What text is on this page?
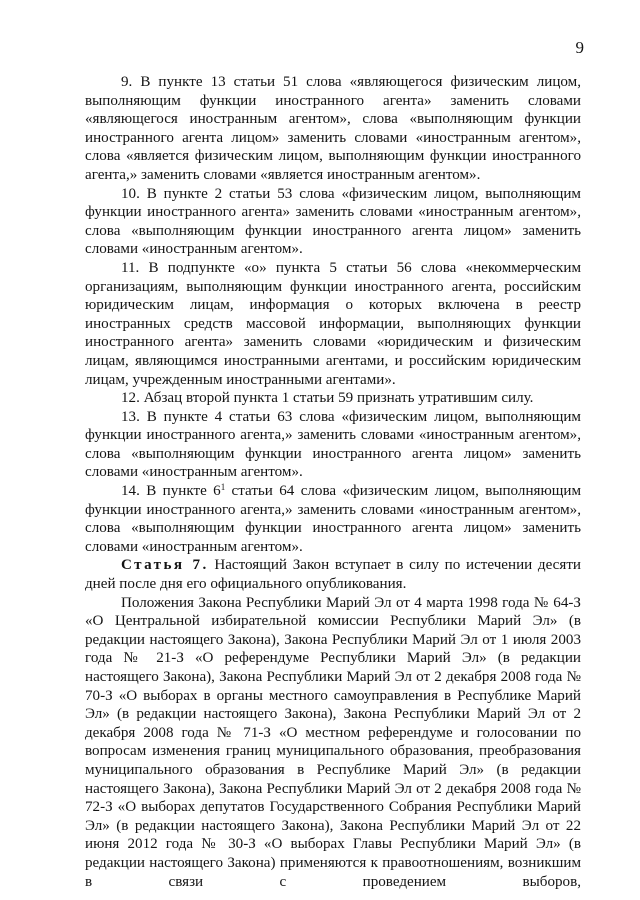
9

9. В пункте 13 статьи 51 слова «являющегося физическим лицом, выполняющим функции иностранного агента» заменить словами «являющегося иностранным агентом», слова «выполняющим функции иностранного агента лицом» заменить словами «иностранным агентом», слова «является физическим лицом, выполняющим функции иностранного агента,» заменить словами «является иностранным агентом».

10. В пункте 2 статьи 53 слова «физическим лицом, выполняющим функции иностранного агента» заменить словами «иностранным агентом», слова «выполняющим функции иностранного агента лицом» заменить словами «иностранным агентом».

11. В подпункте «о» пункта 5 статьи 56 слова «некоммерческим организациям, выполняющим функции иностранного агента, российским юридическим лицам, информация о которых включена в реестр иностранных средств массовой информации, выполняющих функции иностранного агента» заменить словами «юридическим и физическим лицам, являющимся иностранными агентами, и российским юридическим лицам, учрежденным иностранными агентами».

12. Абзац второй пункта 1 статьи 59 признать утратившим силу.

13. В пункте 4 статьи 63 слова «физическим лицом, выполняющим функции иностранного агента,» заменить словами «иностранным агентом», слова «выполняющим функции иностранного агента лицом» заменить словами «иностранным агентом».

14. В пункте $6^1$ статьи 64 слова «физическим лицом, выполняющим функции иностранного агента,» заменить словами «иностранным агентом», слова «выполняющим функции иностранного агента лицом» заменить словами «иностранным агентом».

Статья 7. Настоящий Закон вступает в силу по истечении десяти дней после дня его официального опубликования.

Положения Закона Республики Марий Эл от 4 марта 1998 года № 64-З «О Центральной избирательной комиссии Республики Марий Эл» (в редакции настоящего Закона), Закона Республики Марий Эл от 1 июля 2003 года № 21-З «О референдуме Республики Марий Эл» (в редакции настоящего Закона), Закона Республики Марий Эл от 2 декабря 2008 года № 70-З «О выборах в органы местного самоуправления в Республике Марий Эл» (в редакции настоящего Закона), Закона Республики Марий Эл от 2 декабря 2008 года № 71-З «О местном референдуме и голосовании по вопросам изменения границ муниципального образования, преобразования муниципального образования в Республике Марий Эл» (в редакции настоящего Закона), Закона Республики Марий Эл от 2 декабря 2008 года № 72-З «О выборах депутатов Государственного Собрания Республики Марий Эл» (в редакции настоящего Закона), Закона Республики Марий Эл от 22 июня 2012 года № 30-З «О выборах Главы Республики Марий Эл» (в редакции настоящего Закона) применяются к правоотношениям, возникшим в связи с проведением выборов,
